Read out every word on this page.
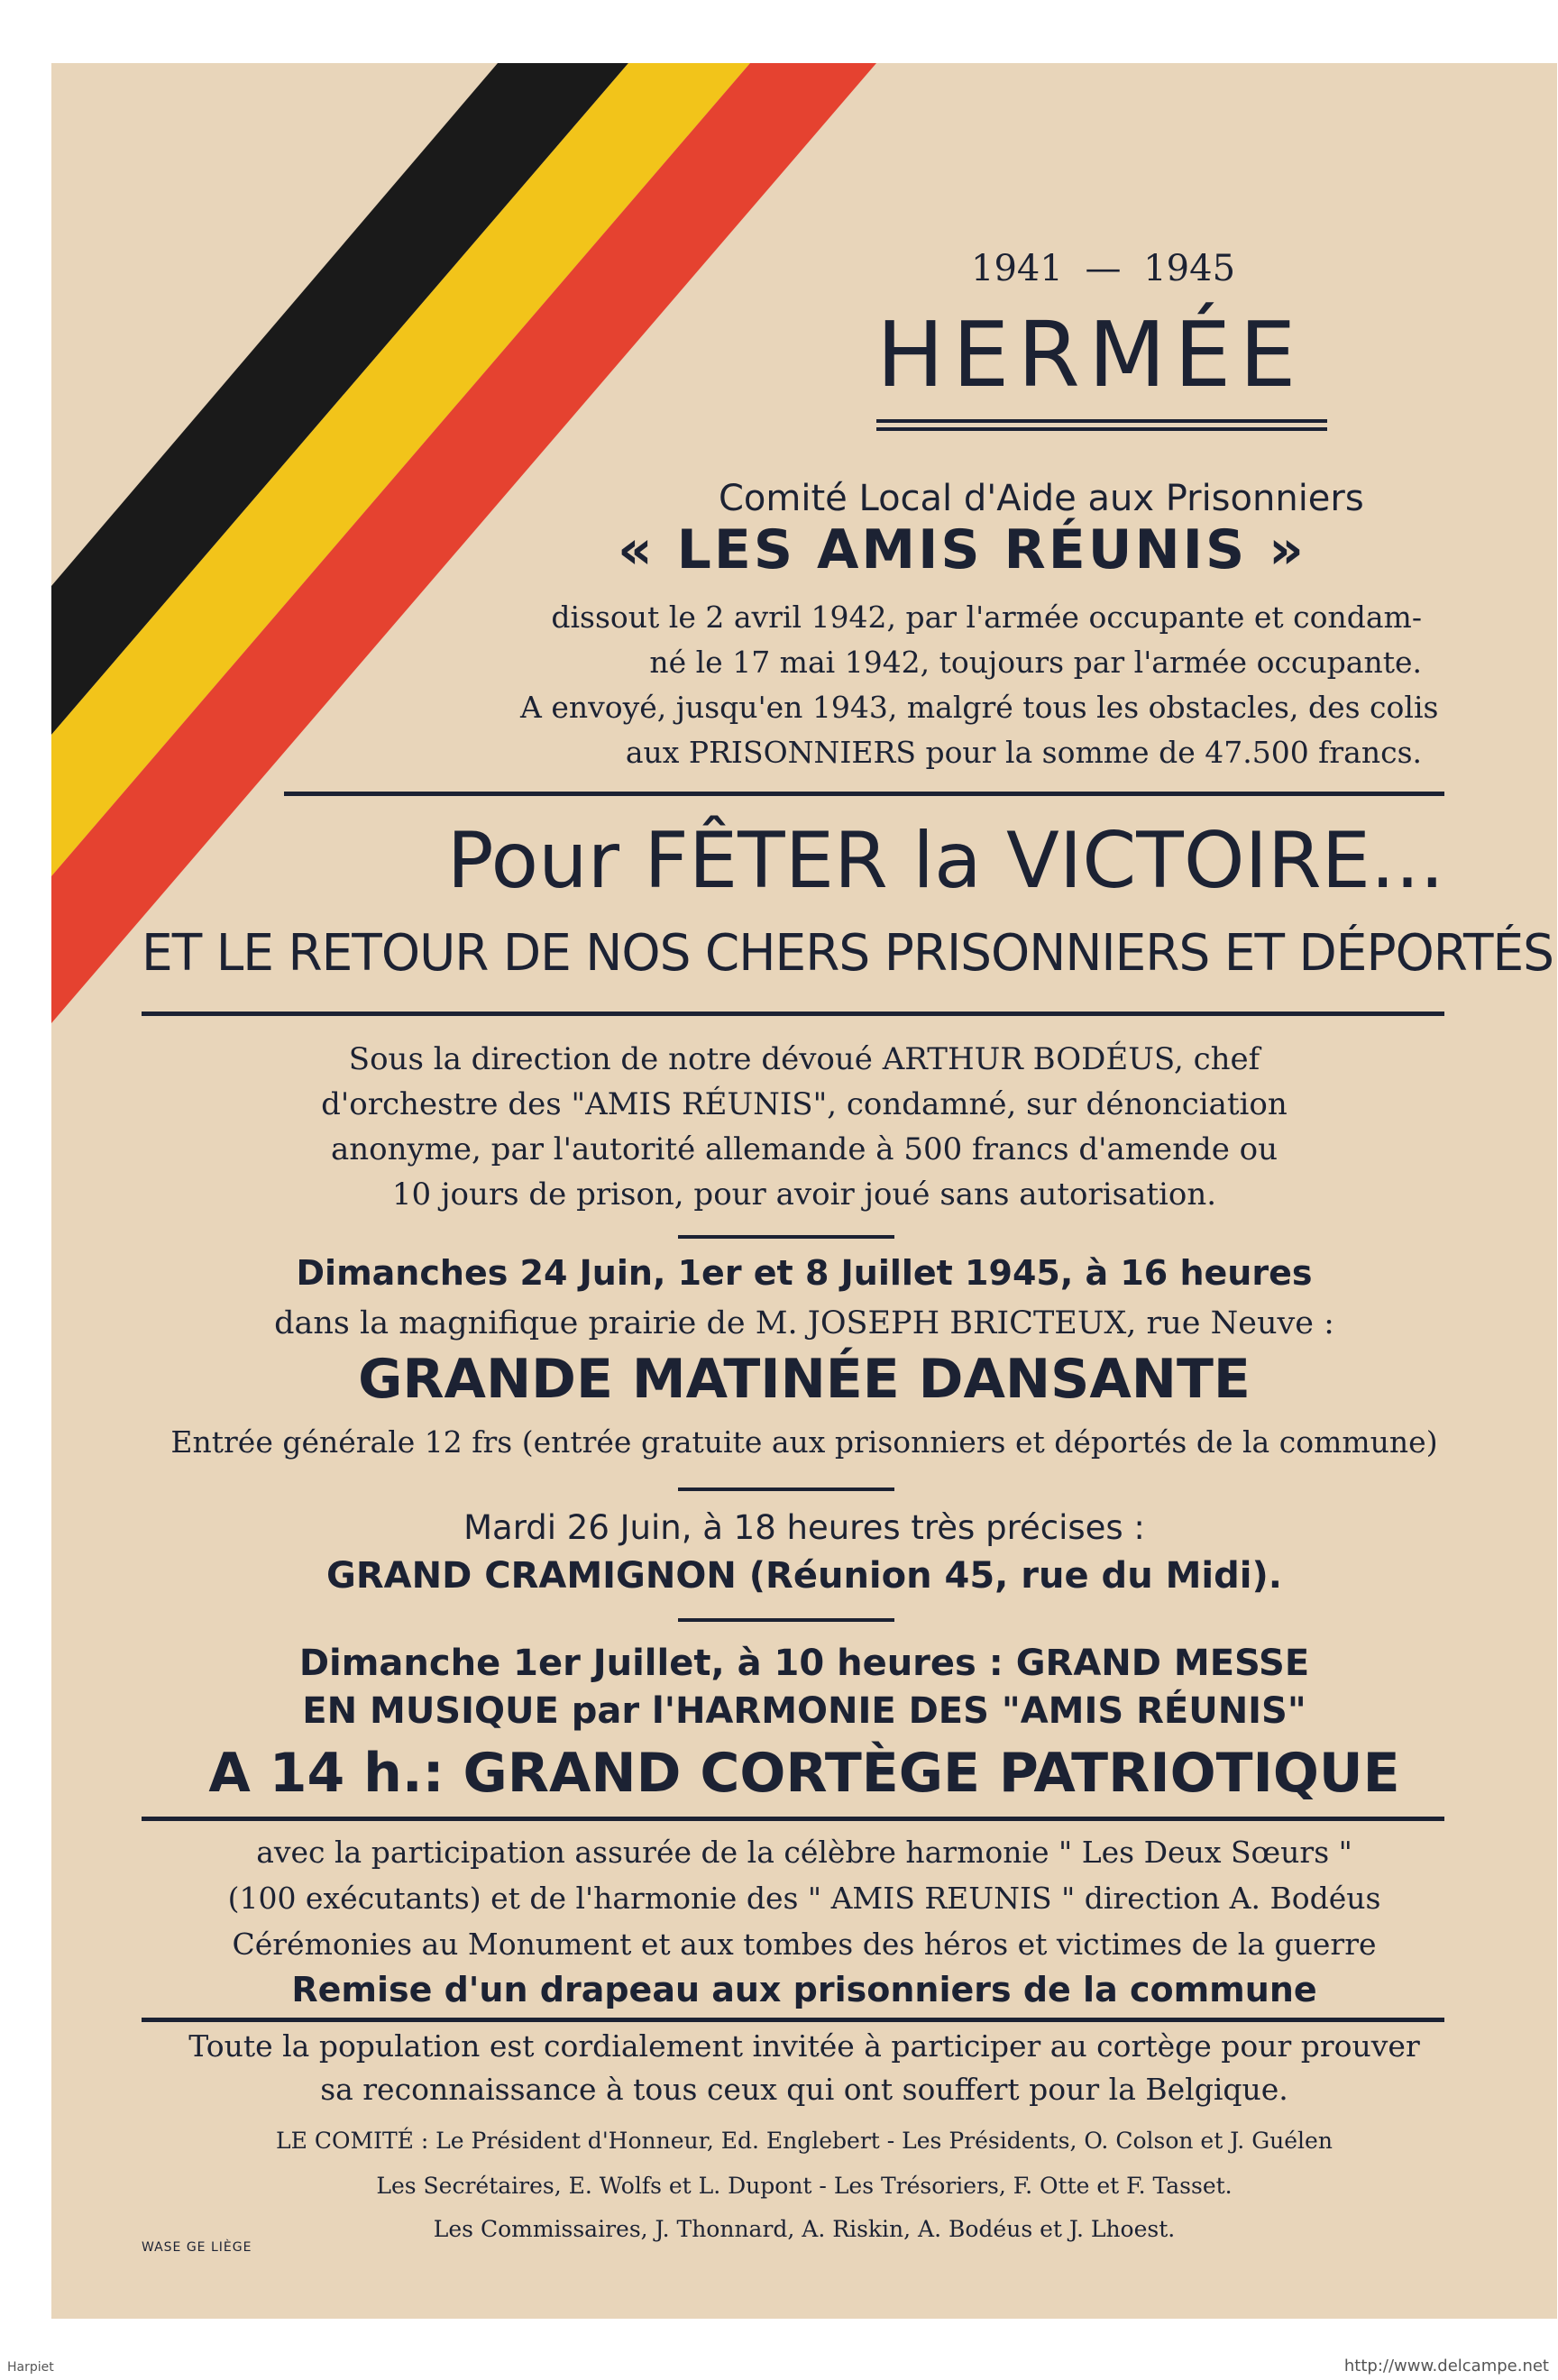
1941 — 1945
HERMÉE
Comité Local d'Aide aux Prisonniers
« LES AMIS RÉUNIS »
dissout le 2 avril 1942, par l'armée occupante et condam-
né le 17 mai 1942, toujours par l'armée occupante.
A envoyé, jusqu'en 1943, malgré tous les obstacles, des colis
aux PRISONNIERS pour la somme de 47.500 francs.
Pour FÊTER la VICTOIRE...
ET LE RETOUR DE NOS CHERS PRISONNIERS ET DÉPORTÉS
Sous la direction de notre dévoué ARTHUR BODÉUS, chef
d'orchestre des "AMIS RÉUNIS", condamné, sur dénonciation
anonyme, par l'autorité allemande à 500 francs d'amende ou
10 jours de prison, pour avoir joué sans autorisation.
Dimanches 24 Juin, 1er et 8 Juillet 1945, à 16 heures
dans la magnifique prairie de M. JOSEPH BRICTEUX, rue Neuve :
GRANDE MATINÉE DANSANTE
Entrée générale 12 frs (entrée gratuite aux prisonniers et déportés de la commune)
Mardi 26 Juin, à 18 heures très précises :
GRAND CRAMIGNON (Réunion 45, rue du Midi).
Dimanche 1er Juillet, à 10 heures : GRAND MESSE
EN MUSIQUE par l'HARMONIE DES "AMIS RÉUNIS"
A 14 h.: GRAND CORTÈGE PATRIOTIQUE
avec la participation assurée de la célèbre harmonie " Les Deux Sœurs "
(100 exécutants) et de l'harmonie des " AMIS REUNIS " direction A. Bodéus
Cérémonies au Monument et aux tombes des héros et victimes de la guerre
Remise d'un drapeau aux prisonniers de la commune
Toute la population est cordialement invitée à participer au cortège pour prouver
sa reconnaissance à tous ceux qui ont souffert pour la Belgique.
LE COMITÉ : Le Président d'Honneur, Ed. Englebert - Les Présidents, O. Colson et J. Guélen
Les Secrétaires, E. Wolfs et L. Dupont - Les Trésoriers, F. Otte et F. Tasset.
Les Commissaires, J. Thonnard, A. Riskin, A. Bodéus et J. Lhoest.
WASE GE LIÈGE
Harpiet	http://www.delcampe.net
